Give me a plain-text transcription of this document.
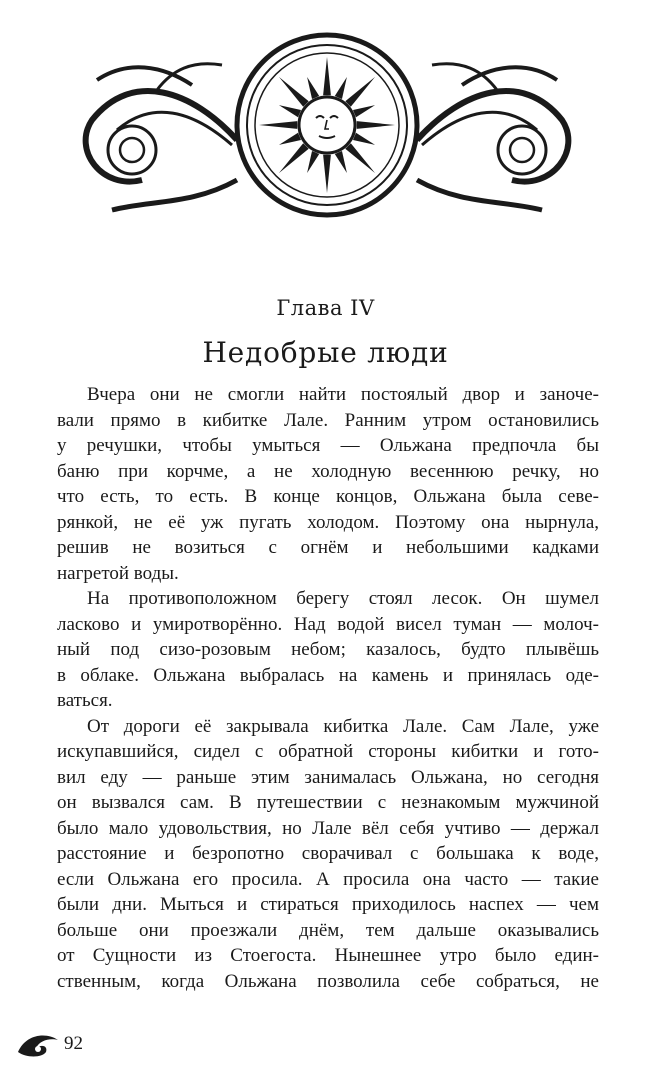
Глава IV
Недобрые люди
Вчера они не смогли найти постоялый двор и заноче-
вали прямо в кибитке Лале. Ранним утром остановились
у речушки, чтобы умыться — Ольжана предпочла бы
баню при корчме, а не холодную весеннюю речку, но
что есть, то есть. В конце концов, Ольжана была севе-
рянкой, не её уж пугать холодом. Поэтому она нырнула,
решив не возиться с огнём и небольшими кадками
нагретой воды.
На противоположном берегу стоял лесок. Он шумел
ласково и умиротворённо. Над водой висел туман — молоч-
ный под сизо-розовым небом; казалось, будто плывёшь
в облаке. Ольжана выбралась на камень и принялась оде-
ваться.
От дороги её закрывала кибитка Лале. Сам Лале, уже
искупавшийся, сидел с обратной стороны кибитки и гото-
вил еду — раньше этим занималась Ольжана, но сегодня
он вызвался сам. В путешествии с незнакомым мужчиной
было мало удовольствия, но Лале вёл себя учтиво — держал
расстояние и безропотно сворачивал с большака к воде,
если Ольжана его просила. А просила она часто — такие
были дни. Мыться и стираться приходилось наспех — чем
больше они проезжали днём, тем дальше оказывались
от Сущности из Стоегоста. Нынешнее утро было един-
ственным, когда Ольжана позволила себе собраться, не
92
